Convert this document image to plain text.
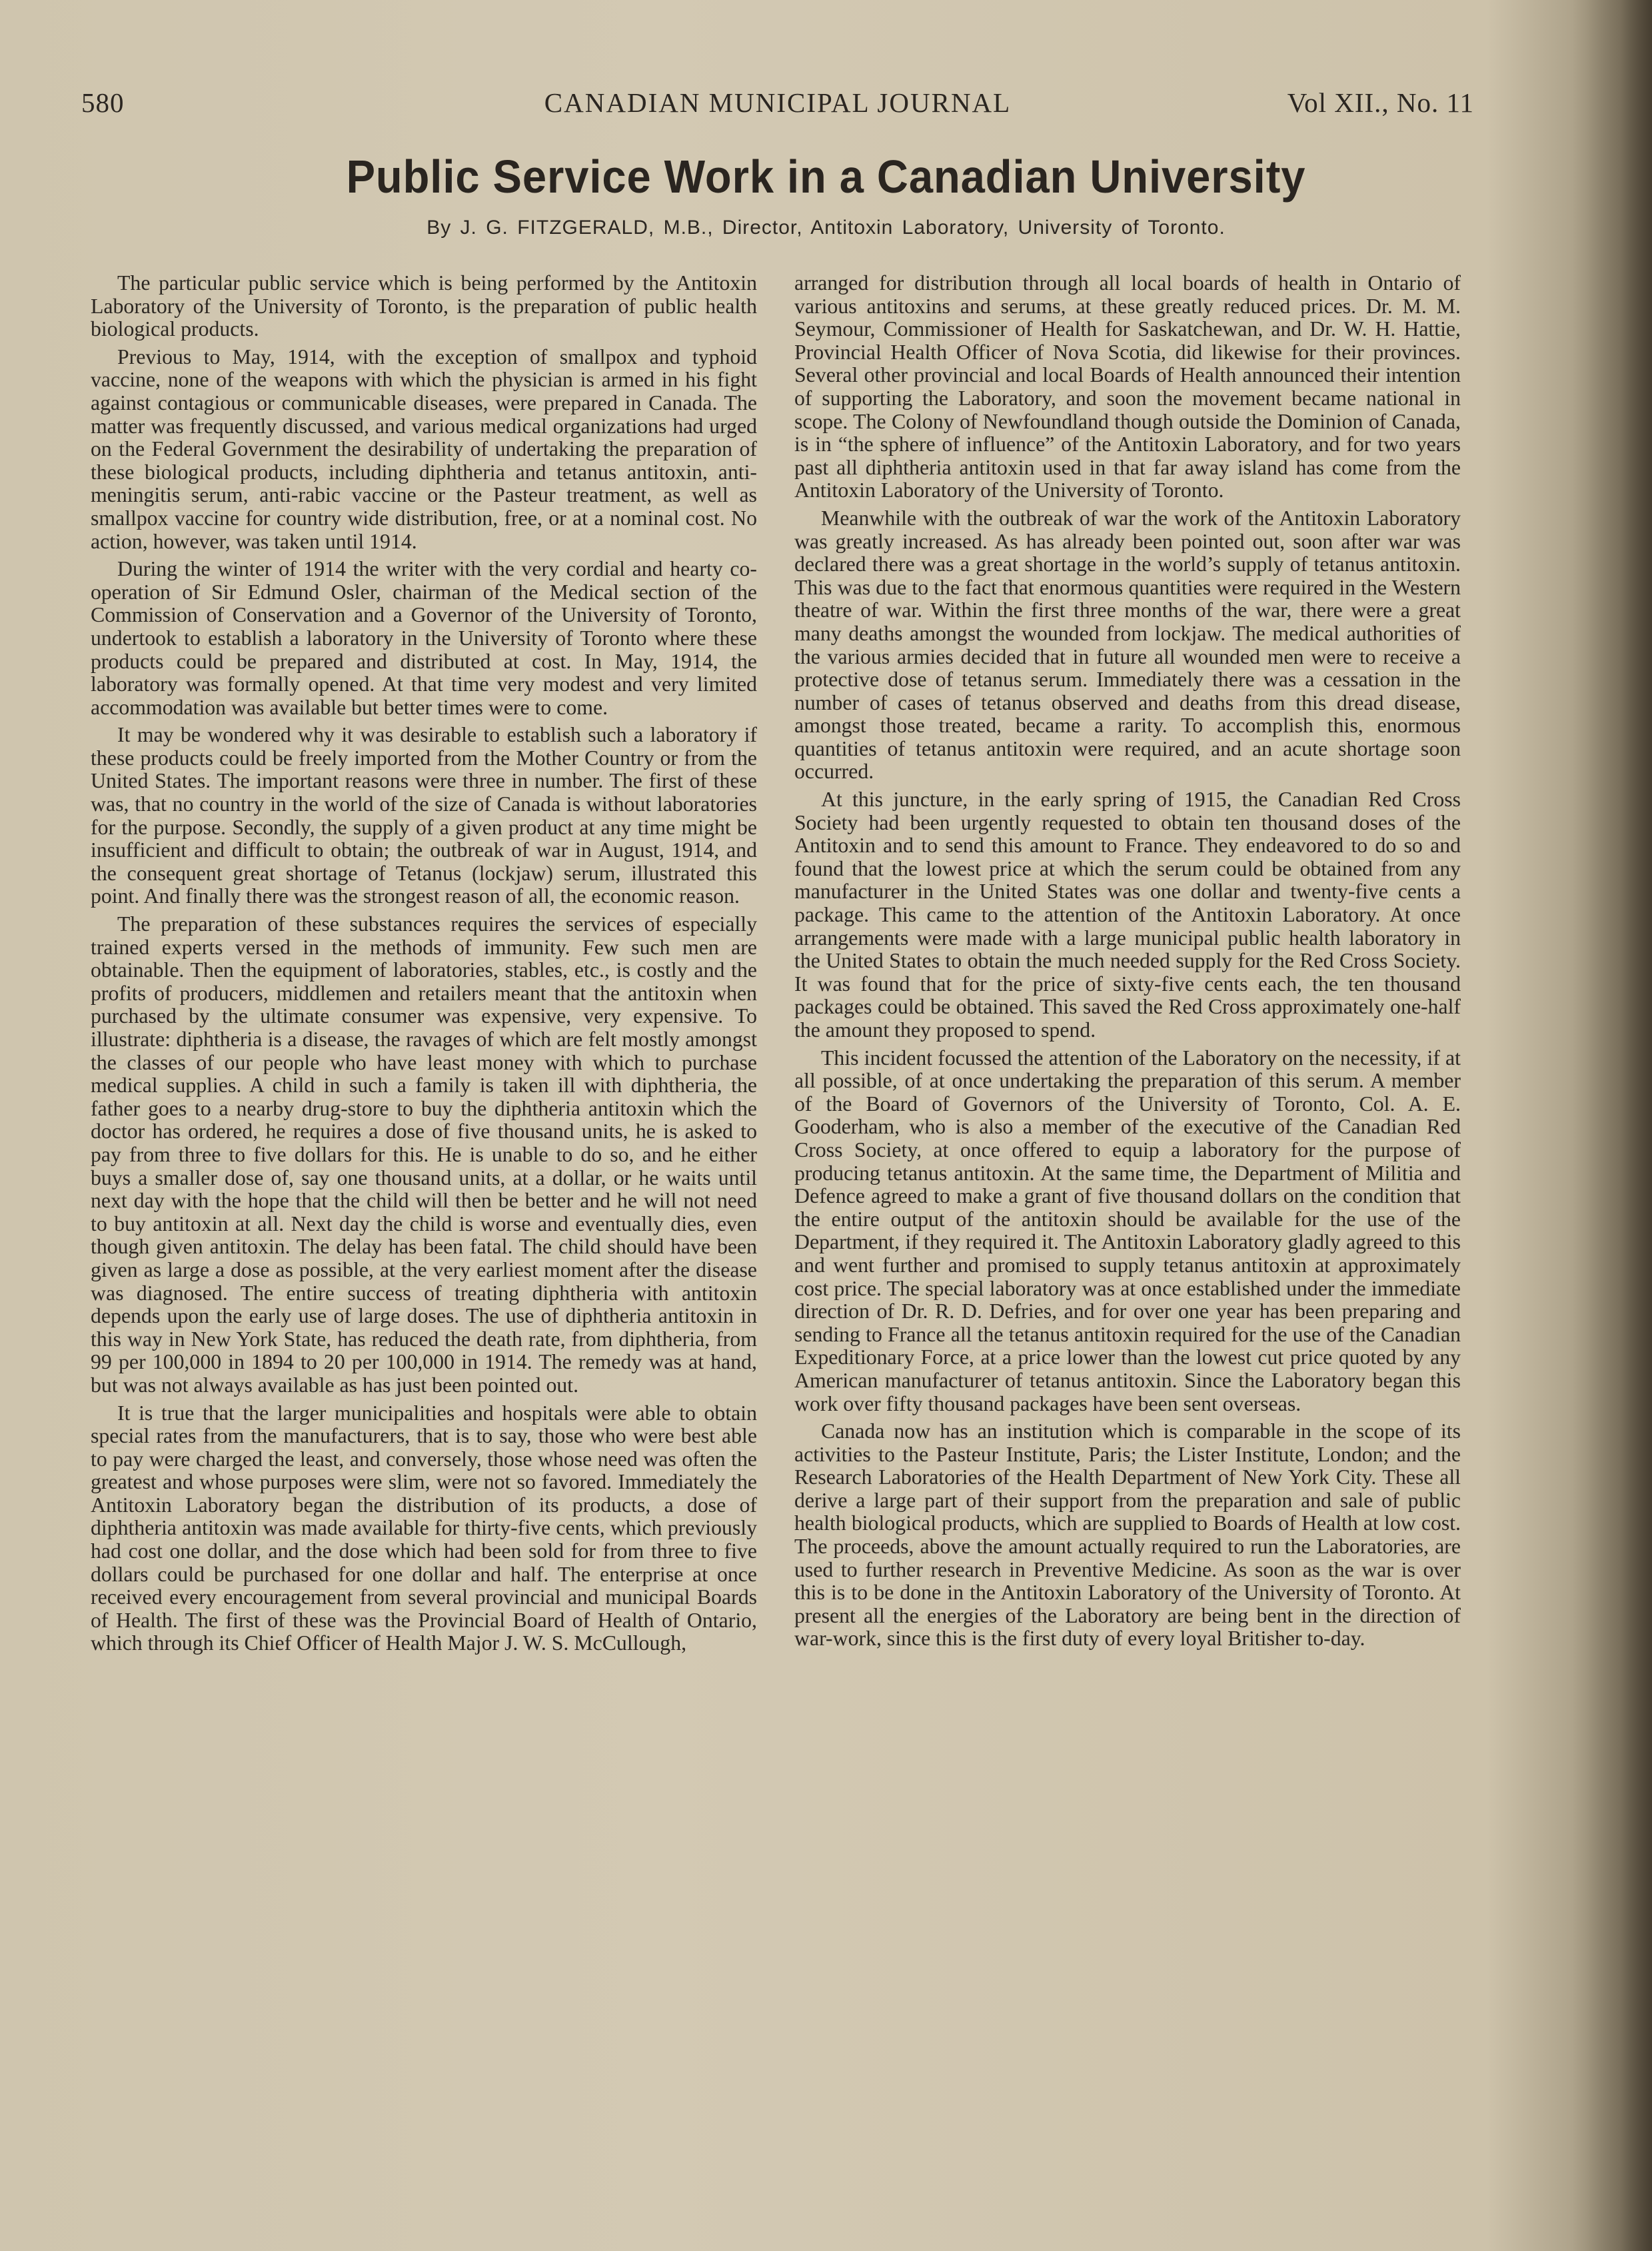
CANADIAN MUNICIPAL JOURNAL
580	Vol XII., No. 11
Public Service Work in a Canadian University
By J. G. FITZGERALD, M.B., Director, Antitoxin Laboratory, University of Toronto.

The particular public service which is being performed by the Antitoxin Laboratory of the University of Toronto, is the preparation of public health biological products.

Previous to May, 1914, with the exception of smallpox and typhoid vaccine, none of the weapons with which the physician is armed in his fight against contagious or communicable diseases, were prepared in Canada. The matter was frequently discussed, and various medical organizations had urged on the Federal Government the desirability of undertaking the preparation of these biological products, including diphtheria and tetanus antitoxin, anti-meningitis serum, anti-rabic vaccine or the Pasteur treatment, as well as smallpox vaccine for country wide distribution, free, or at a nominal cost. No action, however, was taken until 1914.

During the winter of 1914 the writer with the very cordial and hearty co-operation of Sir Edmund Osler, chairman of the Medical section of the Commission of Conservation and a Governor of the University of Toronto, undertook to establish a laboratory in the University of Toronto where these products could be prepared and distributed at cost. In May, 1914, the laboratory was formally opened. At that time very modest and very limited accommodation was available but better times were to come.

It may be wondered why it was desirable to establish such a laboratory if these products could be freely imported from the Mother Country or from the United States. The important reasons were three in number. The first of these was, that no country in the world of the size of Canada is without laboratories for the purpose. Secondly, the supply of a given product at any time might be insufficient and difficult to obtain; the outbreak of war in August, 1914, and the consequent great shortage of Tetanus (lockjaw) serum, illustrated this point. And finally there was the strongest reason of all, the economic reason.

The preparation of these substances requires the services of especially trained experts versed in the methods of immunity. Few such men are obtainable. Then the equipment of laboratories, stables, etc., is costly and the profits of producers, middlemen and retailers meant that the antitoxin when purchased by the ultimate consumer was expensive, very expensive. To illustrate: diphtheria is a disease, the ravages of which are felt mostly amongst the classes of our people who have least money with which to purchase medical supplies. A child in such a family is taken ill with diphtheria, the father goes to a nearby drug-store to buy the diphtheria antitoxin which the doctor has ordered, he requires a dose of five thousand units, he is asked to pay from three to five dollars for this. He is unable to do so, and he either buys a smaller dose of, say one thousand units, at a dollar, or he waits until next day with the hope that the child will then be better and he will not need to buy antitoxin at all. Next day the child is worse and eventually dies, even though given antitoxin. The delay has been fatal. The child should have been given as large a dose as possible, at the very earliest moment after the disease was diagnosed. The entire success of treating diphtheria with antitoxin depends upon the early use of large doses. The use of diphtheria antitoxin in this way in New York State, has reduced the death rate, from diphtheria, from 99 per 100,000 in 1894 to 20 per 100,000 in 1914. The remedy was at hand, but was not always available as has just been pointed out.

It is true that the larger municipalities and hospitals were able to obtain special rates from the manufacturers, that is to say, those who were best able to pay were charged the least, and conversely, those whose need was often the greatest and whose purposes were slim, were not so favored. Immediately the Antitoxin Laboratory began the distribution of its products, a dose of diphtheria antitoxin was made available for thirty-five cents, which previously had cost one dollar, and the dose which had been sold for from three to five dollars could be purchased for one dollar and half. The enterprise at once received every encouragement from several provincial and municipal Boards of Health. The first of these was the Provincial Board of Health of Ontario, which through its Chief Officer of Health Major J. W. S. McCullough,

arranged for distribution through all local boards of health in Ontario of various antitoxins and serums, at these greatly reduced prices. Dr. M. M. Seymour, Commissioner of Health for Saskatchewan, and Dr. W. H. Hattie, Provincial Health Officer of Nova Scotia, did likewise for their provinces. Several other provincial and local Boards of Health announced their intention of supporting the Laboratory, and soon the movement became national in scope. The Colony of Newfoundland though outside the Dominion of Canada, is in “the sphere of influence” of the Antitoxin Laboratory, and for two years past all diphtheria antitoxin used in that far away island has come from the Antitoxin Laboratory of the University of Toronto.

Meanwhile with the outbreak of war the work of the Antitoxin Laboratory was greatly increased. As has already been pointed out, soon after war was declared there was a great shortage in the world’s supply of tetanus antitoxin. This was due to the fact that enormous quantities were required in the Western theatre of war. Within the first three months of the war, there were a great many deaths amongst the wounded from lockjaw. The medical authorities of the various armies decided that in future all wounded men were to receive a protective dose of tetanus serum. Immediately there was a cessation in the number of cases of tetanus observed and deaths from this dread disease, amongst those treated, became a rarity. To accomplish this, enormous quantities of tetanus antitoxin were required, and an acute shortage soon occurred.

At this juncture, in the early spring of 1915, the Canadian Red Cross Society had been urgently requested to obtain ten thousand doses of the Antitoxin and to send this amount to France. They endeavored to do so and found that the lowest price at which the serum could be obtained from any manufacturer in the United States was one dollar and twenty-five cents a package. This came to the attention of the Antitoxin Laboratory. At once arrangements were made with a large municipal public health laboratory in the United States to obtain the much needed supply for the Red Cross Society. It was found that for the price of sixty-five cents each, the ten thousand packages could be obtained. This saved the Red Cross approximately one-half the amount they proposed to spend.

This incident focussed the attention of the Laboratory on the necessity, if at all possible, of at once undertaking the preparation of this serum. A member of the Board of Governors of the University of Toronto, Col. A. E. Gooderham, who is also a member of the executive of the Canadian Red Cross Society, at once offered to equip a laboratory for the purpose of producing tetanus antitoxin. At the same time, the Department of Militia and Defence agreed to make a grant of five thousand dollars on the condition that the entire output of the antitoxin should be available for the use of the Department, if they required it. The Antitoxin Laboratory gladly agreed to this and went further and promised to supply tetanus antitoxin at approximately cost price. The special laboratory was at once established under the immediate direction of Dr. R. D. Defries, and for over one year has been preparing and sending to France all the tetanus antitoxin required for the use of the Canadian Expeditionary Force, at a price lower than the lowest cut price quoted by any American manufacturer of tetanus antitoxin. Since the Laboratory began this work over fifty thousand packages have been sent overseas.

Canada now has an institution which is comparable in the scope of its activities to the Pasteur Institute, Paris; the Lister Institute, London; and the Research Laboratories of the Health Department of New York City. These all derive a large part of their support from the preparation and sale of public health biological products, which are supplied to Boards of Health at low cost. The proceeds, above the amount actually required to run the Laboratories, are used to further research in Preventive Medicine. As soon as the war is over this is to be done in the Antitoxin Laboratory of the University of Toronto. At present all the energies of the Laboratory are being bent in the direction of war-work, since this is the first duty of every loyal Britisher to-day.
